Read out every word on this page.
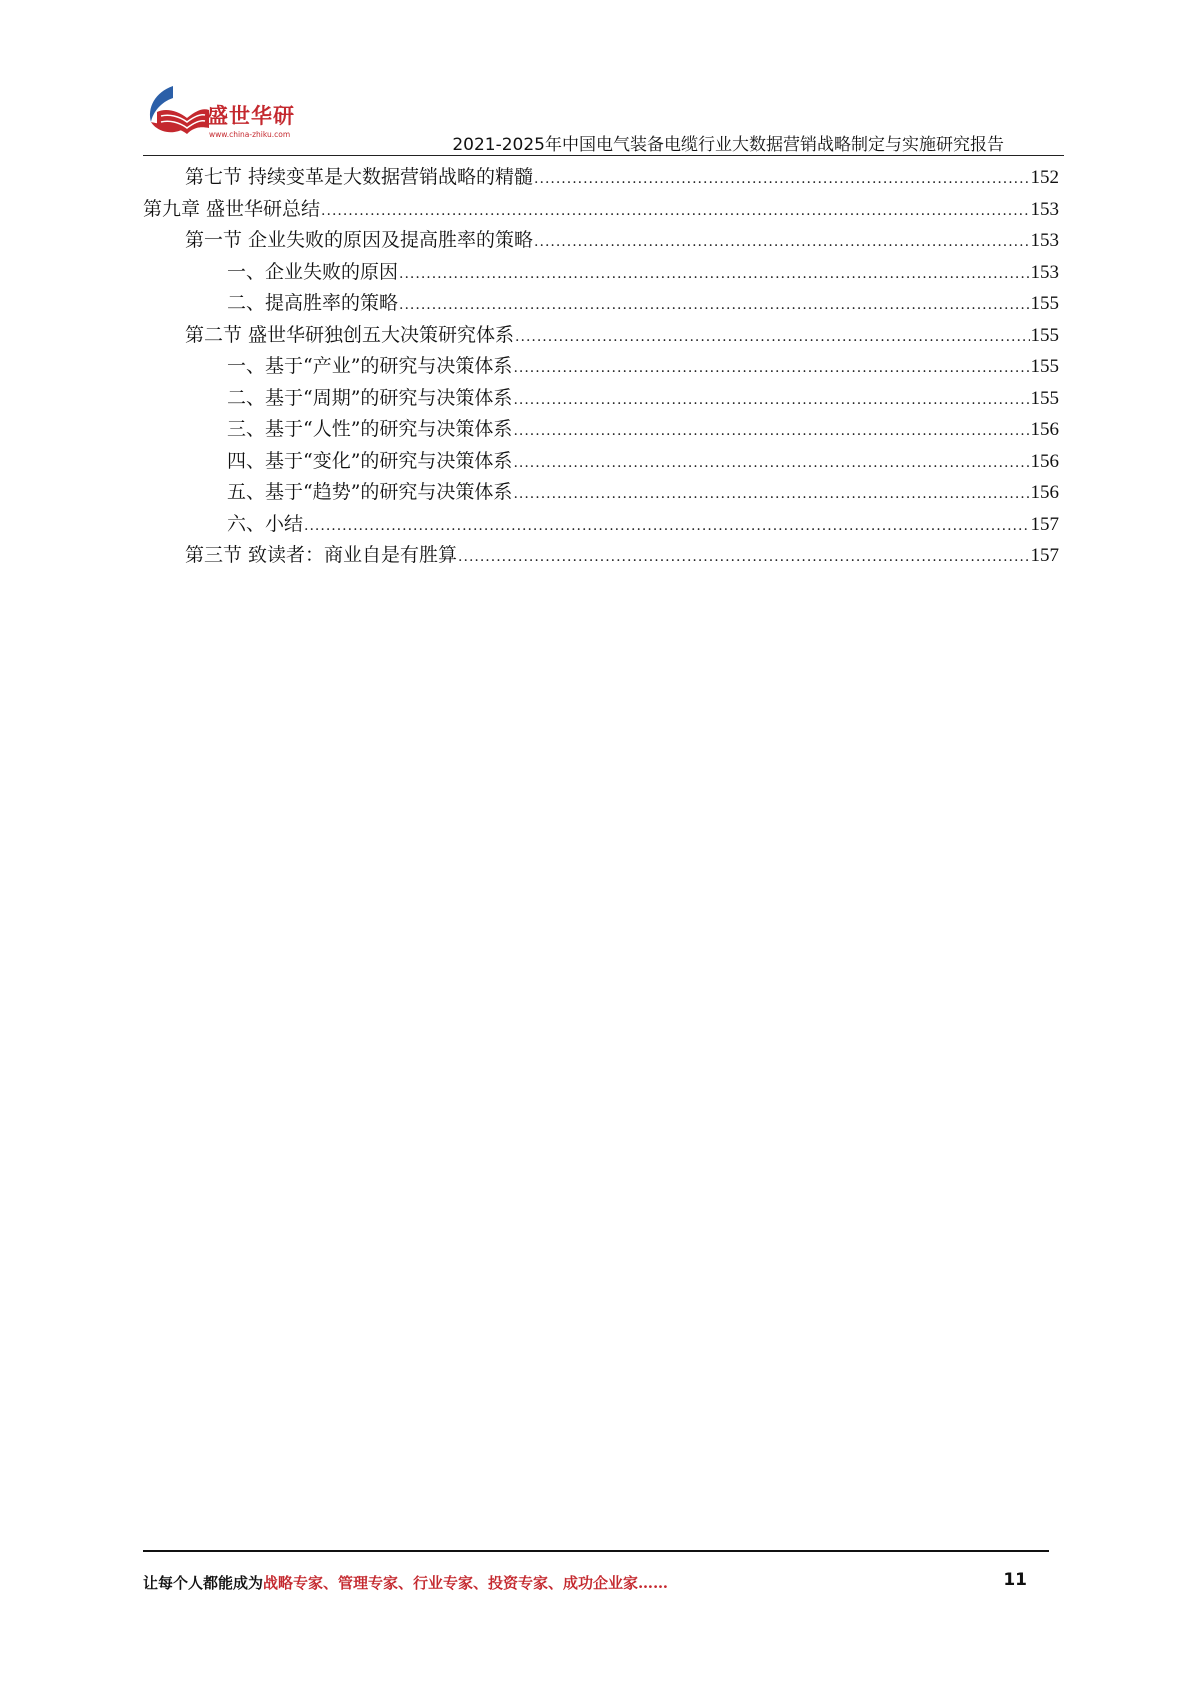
盛世华研
www.china-zhiku.com
2021-2025年中国电气装备电缆行业大数据营销战略制定与实施研究报告
第七节 持续变革是大数据营销战略的精髓 .....	152
第九章 盛世华研总结 .....	153
第一节 企业失败的原因及提高胜率的策略 .....	153
一、企业失败的原因 .....	153
二、提高胜率的策略 .....	155
第二节 盛世华研独创五大决策研究体系 .....	155
一、基于“产业”的研究与决策体系 .....	155
二、基于“周期”的研究与决策体系 .....	155
三、基于“人性”的研究与决策体系 .....	156
四、基于“变化”的研究与决策体系 .....	156
五、基于“趋势”的研究与决策体系 .....	156
六、小结 .....	157
第三节 致读者：商业自是有胜算 .....	157
让每个人都能成为战略专家、管理专家、行业专家、投资专家、成功企业家……	11
